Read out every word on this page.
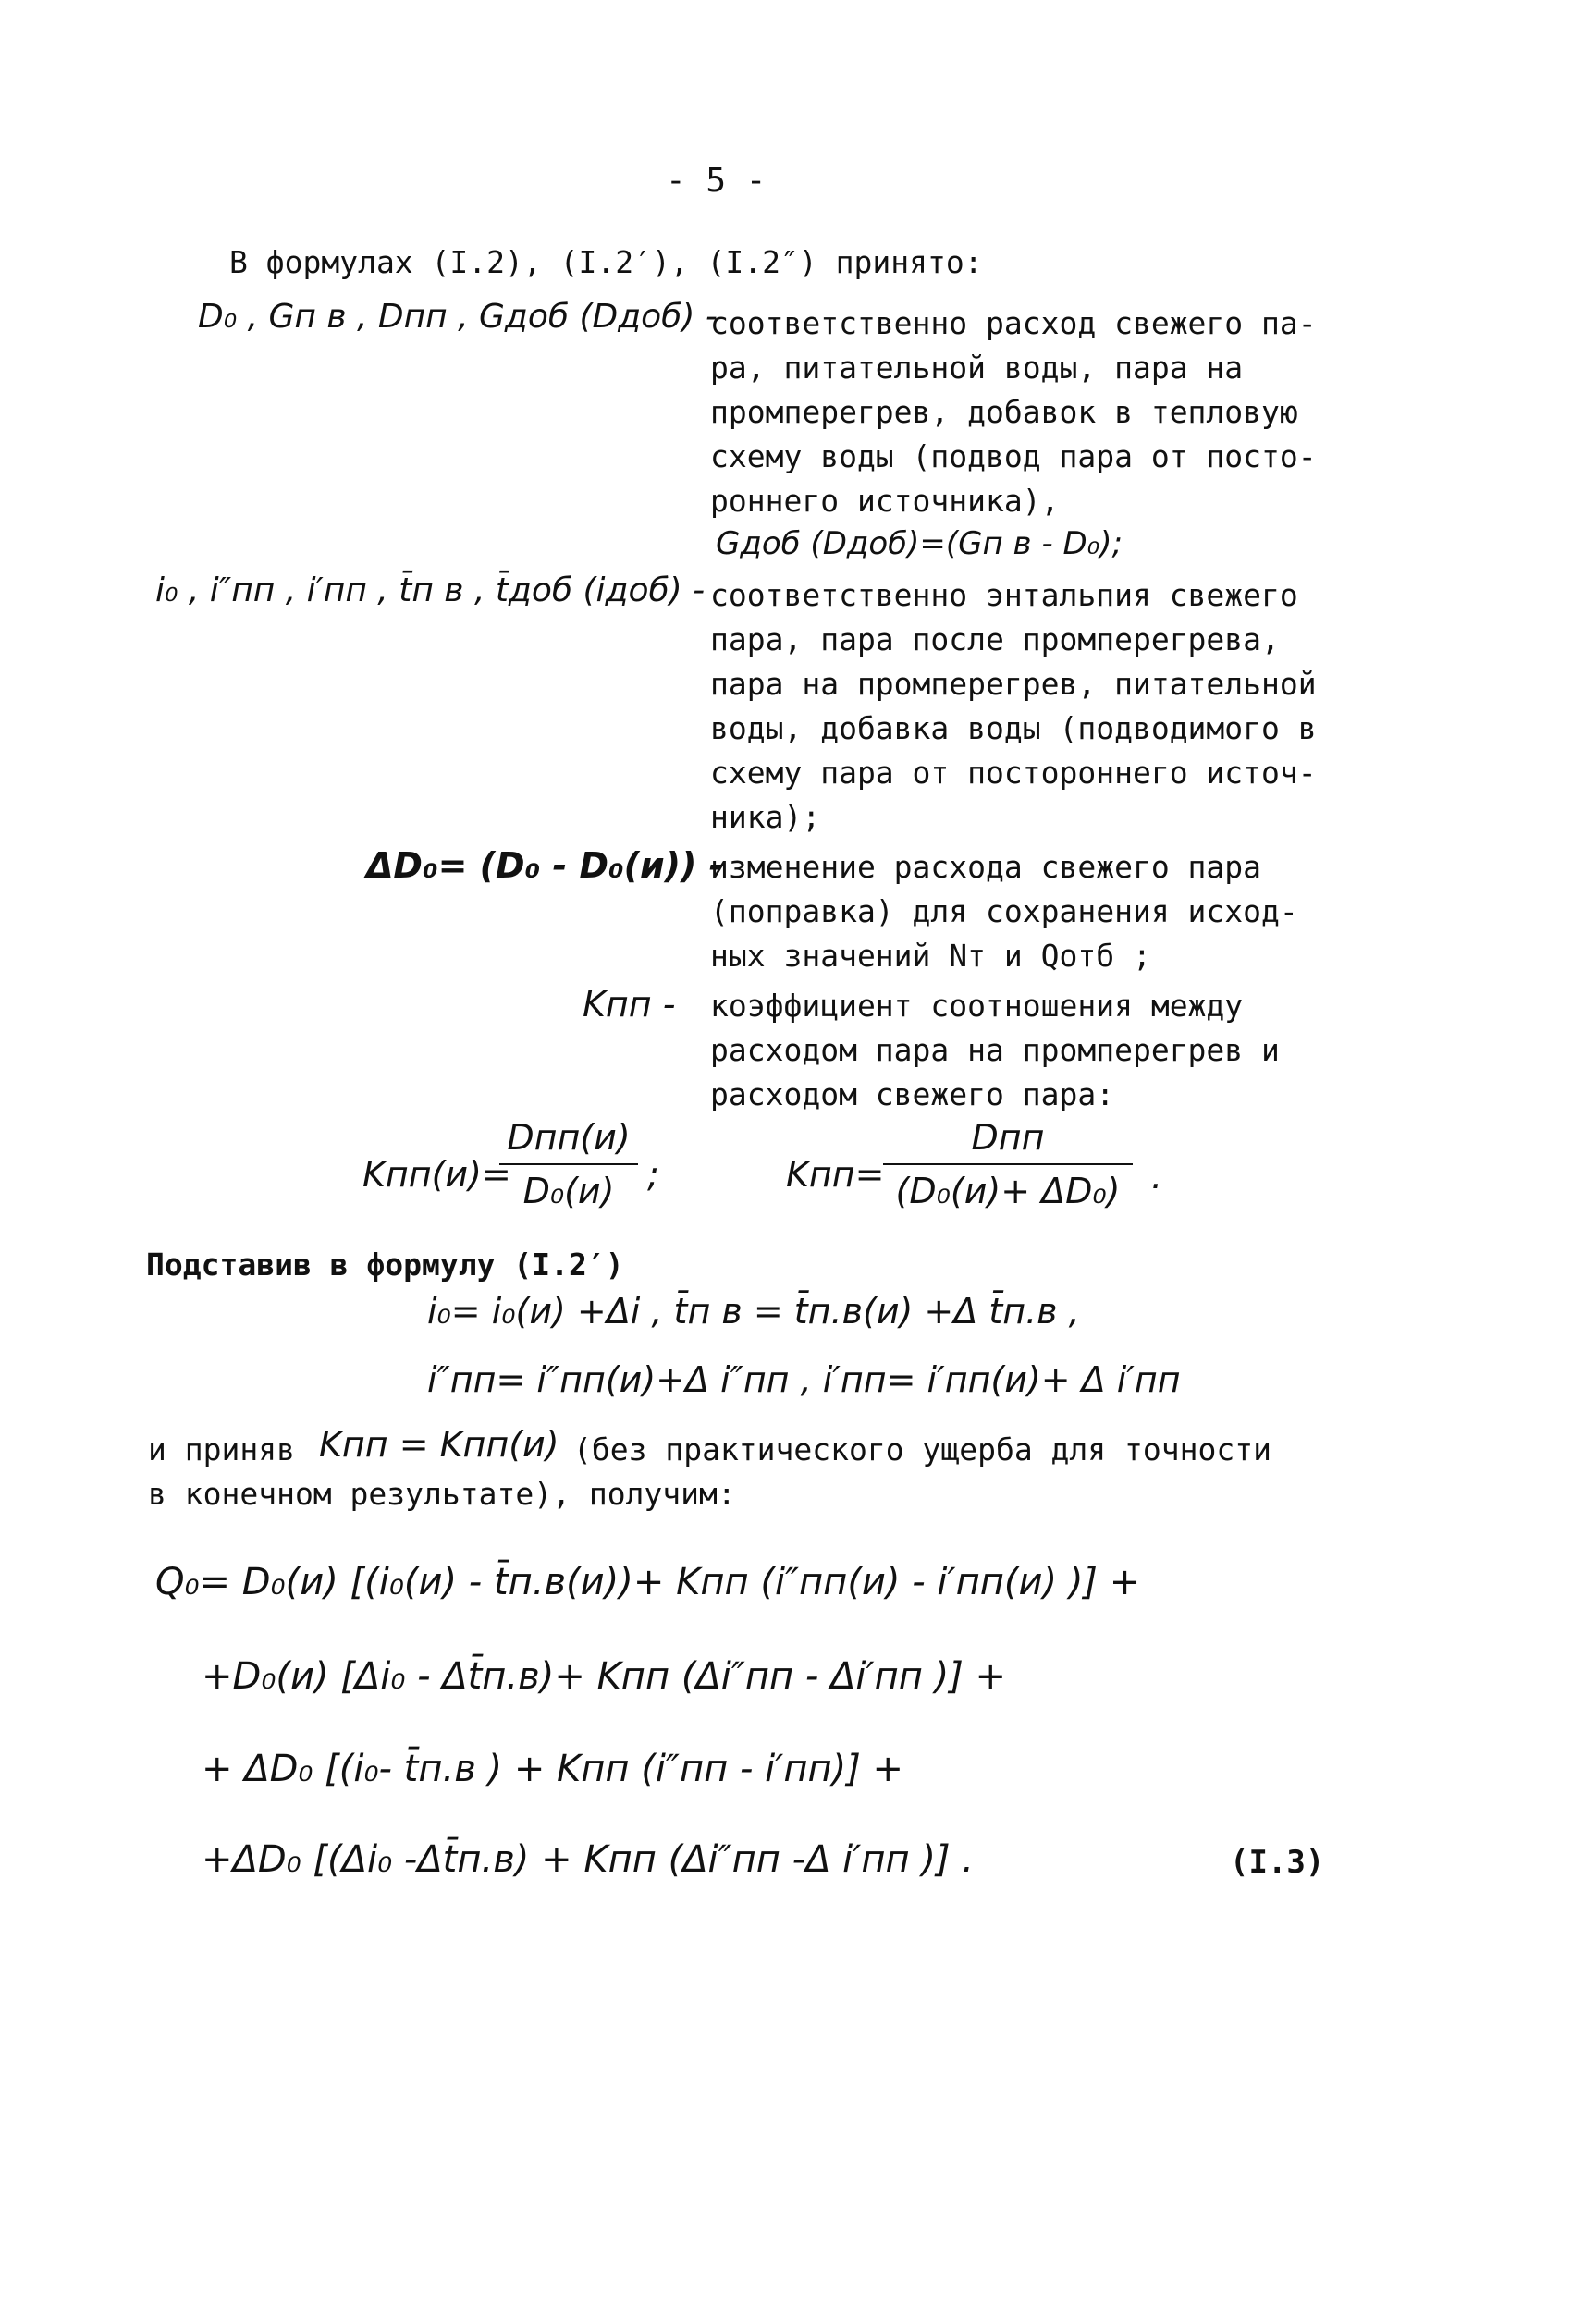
- 5 -
В формулах (I.2), (I.2′), (I.2″) принято:
D₀ , Gп в , Dпп , Gдоб (Dдоб) -
соответственно расход свежего па-
ра, питательной воды, пара на
промперегрев, добавок в тепловую
схему воды (подвод пара от посто-
роннего источника),
Gдоб (Dдоб)=(Gп в - D₀);
i₀ , i″пп , i′пп , t̄п в , t̄доб (iдоб) - соответственно энтальпия свежего
пара, пара после промперегрева,
пара на промперегрев, питательной
воды, добавка воды (подводимого в
схему пара от постороннего источ-
ника);
ΔD₀= (D₀ - D₀(и)) -
изменение расхода свежего пара
(поправка) для сохранения исход-
ных значений Nт и Qотб ;
Kпп - коэффициент соотношения между
расходом пара на промперегрев и
расходом свежего пара:
Kпп(и)=
Dпп(и)
D₀(и) ;	Kпп=
Dпп
(D₀(и)+ ΔD₀) .
Подставив в формулу (I.2′)
i₀= i₀(и) +Δi , t̄п в = t̄п.в(и) +Δ t̄п.в ,
i″пп= i″пп(и)+Δ i″пп , i′пп= i′пп(и)+ Δ i′пп
и приняв Kпп = Kпп(и) (без практического ущерба для точности
в конечном результате), получим:
Q₀= D₀(и) [(i₀(и) - t̄п.в(и))+ Kпп (i″пп(и) - i′пп(и) )] +
+D₀(и) [Δi₀ - Δt̄п.в)+ Kпп (Δi″пп - Δi′пп )] +
+ ΔD₀ [(i₀- t̄п.в ) + Kпп (i″пп - i′пп)] +
+ΔD₀ [(Δi₀ -Δt̄п.в) + Kпп (Δi″пп -Δ i′пп )] .	(I.3)
